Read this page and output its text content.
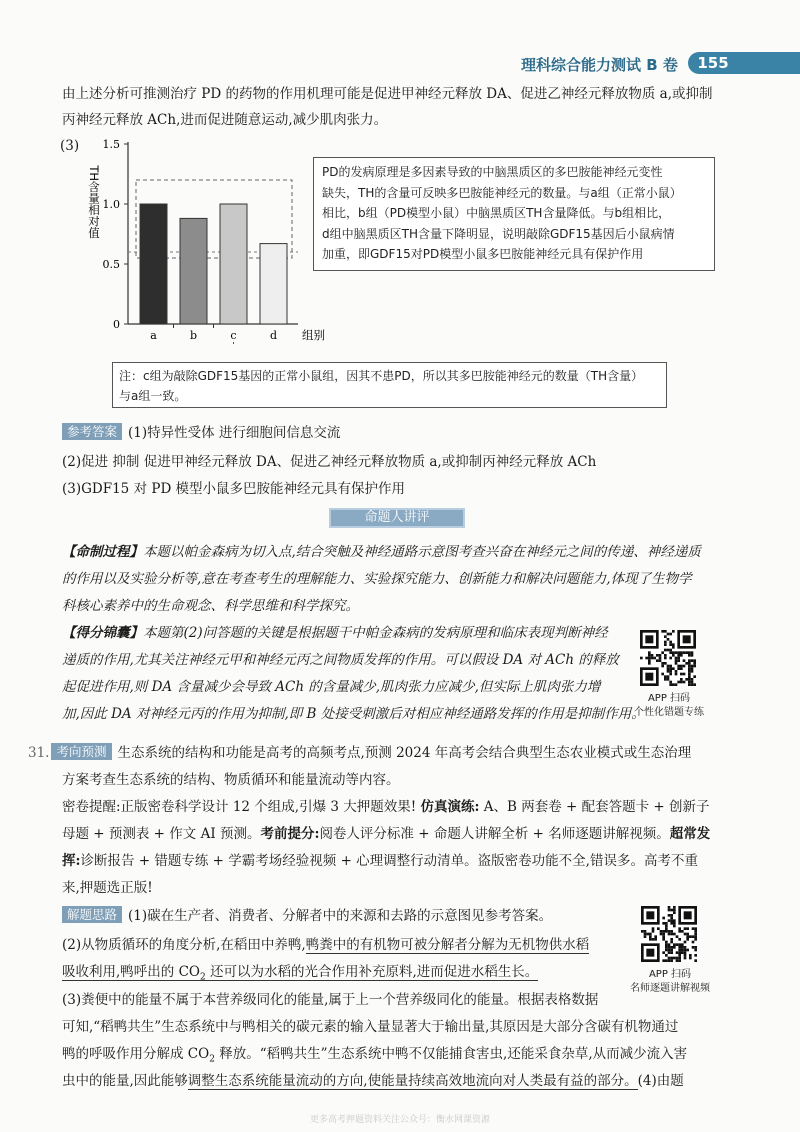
理科综合能力测试 B 卷 155
由上述分析可推测治疗 PD 的药物的作用机理可能是促进甲神经元释放 DA、促进乙神经元释放物质 a,或抑制
丙神经元释放 ACh,进而促进随意运动,减少肌肉张力。
(3)
0
0.5
1.0
1.5
TH含量相对值
a	b	c	d 组别
PD的发病原理是多因素导致的中脑黑质区的多巴胺能神经元变性
缺失，TH的含量可反映多巴胺能神经元的数量。与a组（正常小鼠）
相比，b组（PD模型小鼠）中脑黑质区TH含量降低。与b组相比，
d组中脑黑质区TH含量下降明显，说明敲除GDF15基因后小鼠病情
加重，即GDF15对PD模型小鼠多巴胺能神经元具有保护作用
注：c组为敲除GDF15基因的正常小鼠组，因其不患PD，所以其多巴胺能神经元的数量（TH含量）
与a组一致。
参考答案 (1)特异性受体 进行细胞间信息交流
(2)促进 抑制 促进甲神经元释放 DA、促进乙神经元释放物质 a,或抑制丙神经元释放 ACh
(3)GDF15 对 PD 模型小鼠多巴胺能神经元具有保护作用
命题人讲评
【命制过程】本题以帕金森病为切入点,结合突触及神经通路示意图考查兴奋在神经元之间的传递、神经递质
的作用以及实验分析等,意在考查考生的理解能力、实验探究能力、创新能力和解决问题能力,体现了生物学
科核心素养中的生命观念、科学思维和科学探究。
【得分锦囊】本题第(2)问答题的关键是根据题干中帕金森病的发病原理和临床表现判断神经
递质的作用,尤其关注神经元甲和神经元丙之间物质发挥的作用。可以假设 DA 对 ACh 的释放
起促进作用,则 DA 含量减少会导致 ACh 的含量减少,肌肉张力应减少,但实际上肌肉张力增
加,因此 DA 对神经元丙的作用为抑制,即 B 处接受刺激后对相应神经通路发挥的作用是抑制作用。
APP 扫码
个性化错题专练
31. 考向预测 生态系统的结构和功能是高考的高频考点,预测 2024 年高考会结合典型生态农业模式或生态治理
方案考查生态系统的结构、物质循环和能量流动等内容。
密卷提醒:正版密卷科学设计 12 个组成,引爆 3 大押题效果! 仿真演练: A、B 两套卷 + 配套答题卡 + 创新子
母题 + 预测表 + 作文 AI 预测。考前提分:阅卷人评分标准 + 命题人讲解全析 + 名师逐题讲解视频。超常发
挥:诊断报告 + 错题专练 + 学霸考场经验视频 + 心理调整行动清单。盗版密卷功能不全,错误多。高考不重
来,押题选正版!
解题思路 (1)碳在生产者、消费者、分解者中的来源和去路的示意图见参考答案。
(2)从物质循环的角度分析,在稻田中养鸭,鸭粪中的有机物可被分解者分解为无机物供水稻
吸收利用,鸭呼出的 $CO_2$ 还可以为水稻的光合作用补充原料,进而促进水稻生长。
(3)粪便中的能量不属于本营养级同化的能量,属于上一个营养级同化的能量。根据表格数据
可知,“稻鸭共生”生态系统中与鸭相关的碳元素的输入量显著大于输出量,其原因是大部分含碳有机物通过
鸭的呼吸作用分解成 $CO_2$ 释放。“稻鸭共生”生态系统中鸭不仅能捕食害虫,还能采食杂草,从而减少流入害
虫中的能量,因此能够调整生态系统能量流动的方向,使能量持续高效地流向对人类最有益的部分。(4)由题
APP 扫码
名师逐题讲解视频
更多高考押题资料关注公众号：衡水网课资源
